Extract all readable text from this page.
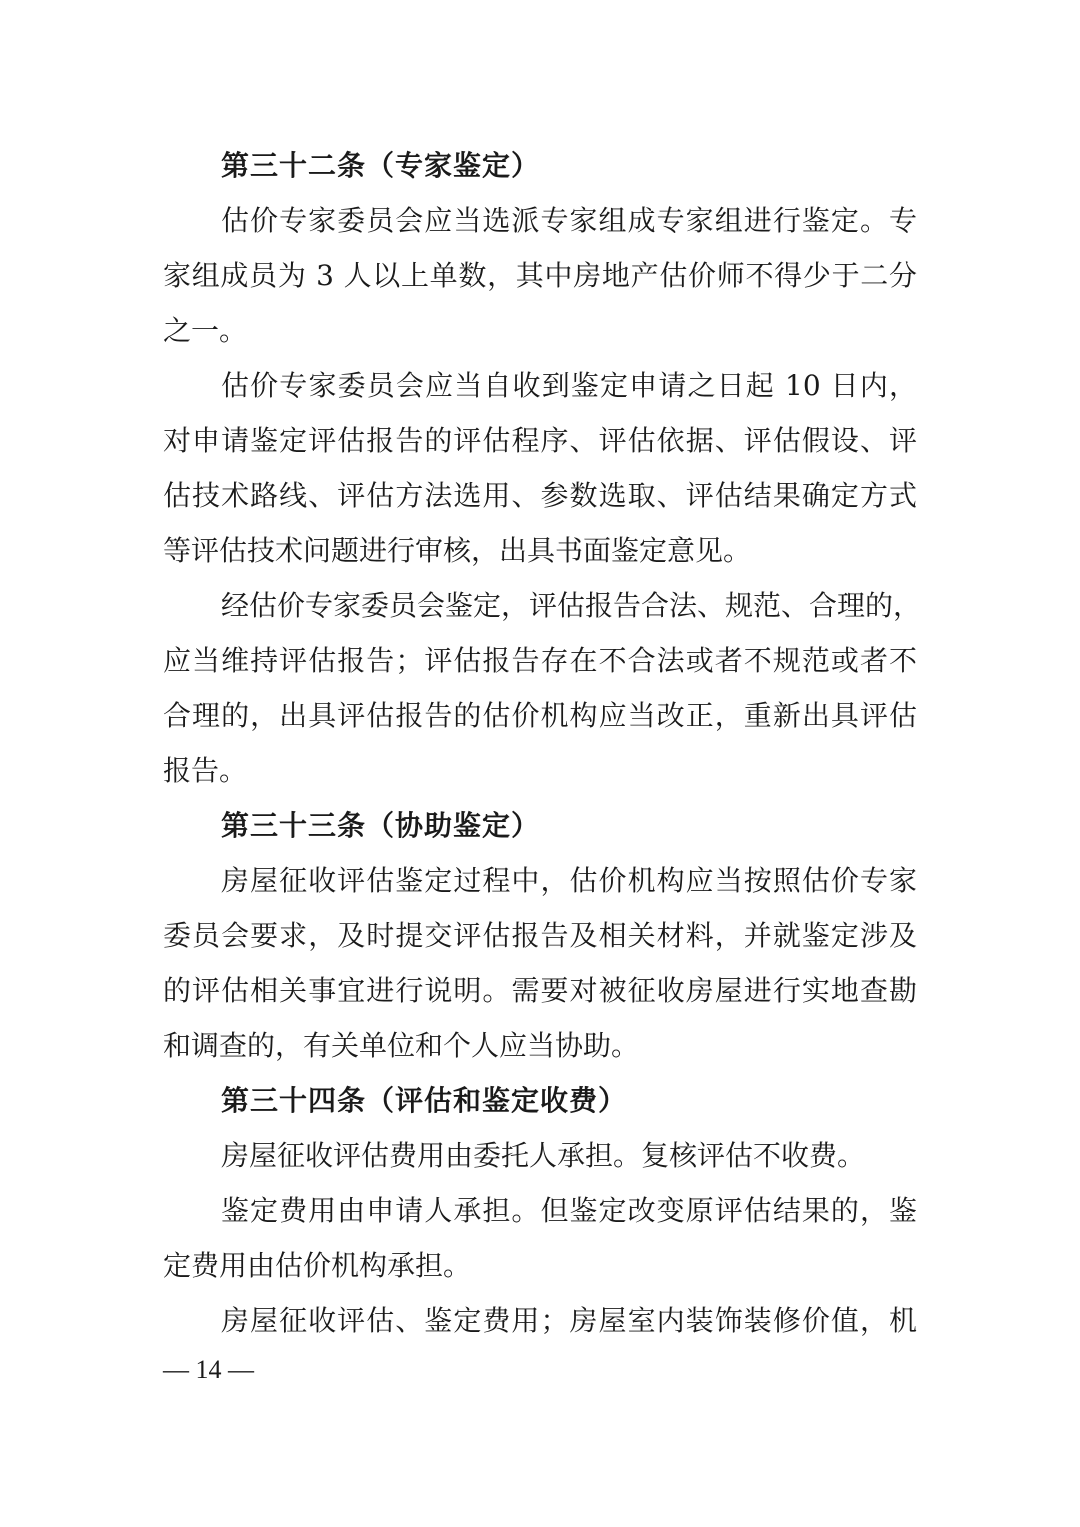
第三十二条（专家鉴定）
估价专家委员会应当选派专家组成专家组进行鉴定。专
家组成员为 3 人以上单数，其中房地产估价师不得少于二分
之一。
估价专家委员会应当自收到鉴定申请之日起 10 日内，
对申请鉴定评估报告的评估程序、评估依据、评估假设、评
估技术路线、评估方法选用、参数选取、评估结果确定方式
等评估技术问题进行审核，出具书面鉴定意见。
经估价专家委员会鉴定，评估报告合法、规范、合理的，
应当维持评估报告；评估报告存在不合法或者不规范或者不
合理的，出具评估报告的估价机构应当改正，重新出具评估
报告。
第三十三条（协助鉴定）
房屋征收评估鉴定过程中，估价机构应当按照估价专家
委员会要求，及时提交评估报告及相关材料，并就鉴定涉及
的评估相关事宜进行说明。需要对被征收房屋进行实地查勘
和调查的，有关单位和个人应当协助。
第三十四条（评估和鉴定收费）
房屋征收评估费用由委托人承担。复核评估不收费。
鉴定费用由申请人承担。但鉴定改变原评估结果的，鉴
定费用由估价机构承担。
房屋征收评估、鉴定费用；房屋室内装饰装修价值，机
— 14 —
